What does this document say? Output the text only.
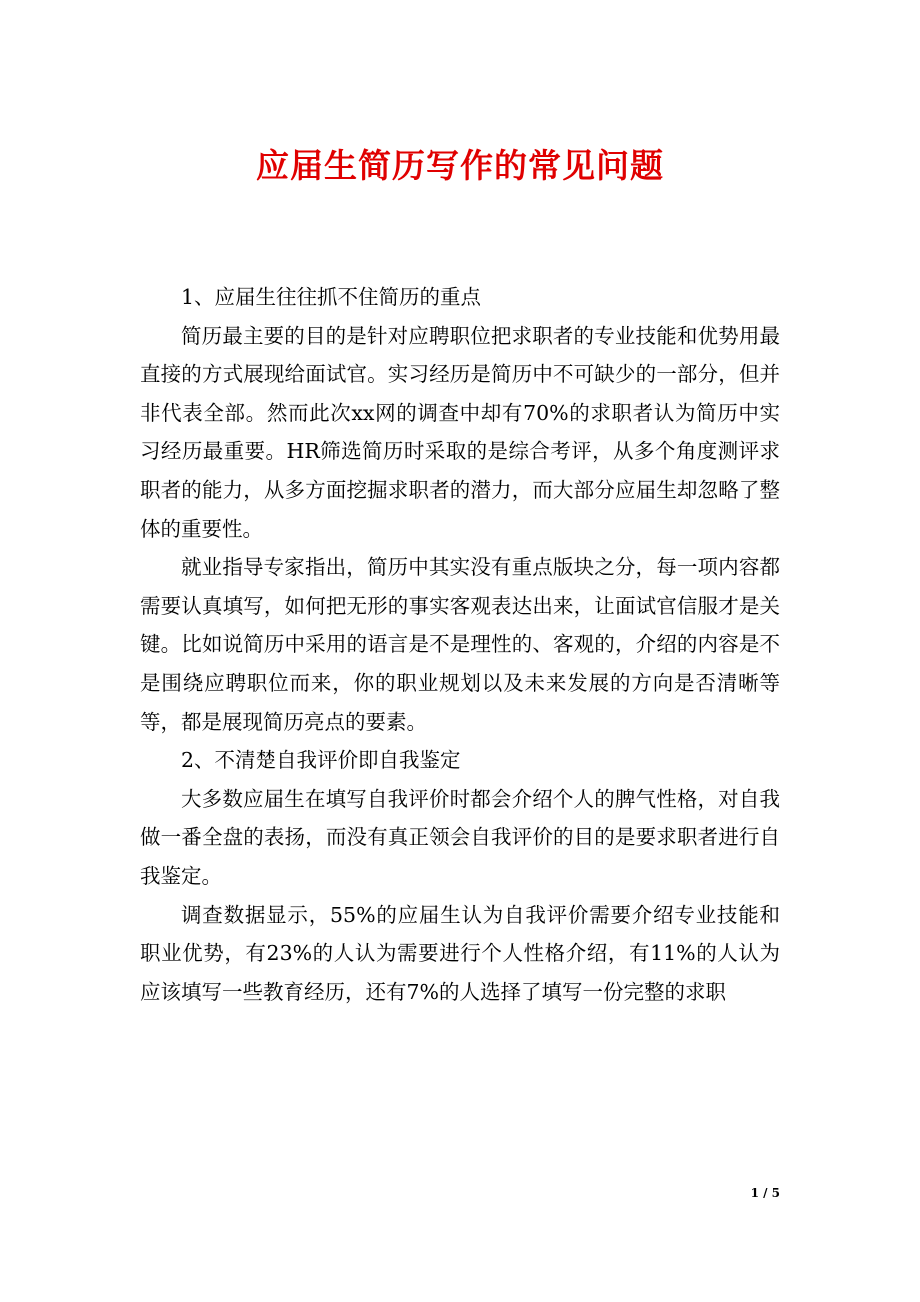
应届生简历写作的常见问题

1、应届生往往抓不住简历的重点

简历最主要的目的是针对应聘职位把求职者的专业技能和优势用最直接的方式展现给面试官。实习经历是简历中不可缺少的一部分，但并非代表全部。然而此次xx网的调查中却有70%的求职者认为简历中实习经历最重要。HR筛选简历时采取的是综合考评，从多个角度测评求职者的能力，从多方面挖掘求职者的潜力，而大部分应届生却忽略了整体的重要性。

就业指导专家指出，简历中其实没有重点版块之分，每一项内容都需要认真填写，如何把无形的事实客观表达出来，让面试官信服才是关键。比如说简历中采用的语言是不是理性的、客观的，介绍的内容是不是围绕应聘职位而来，你的职业规划以及未来发展的方向是否清晰等等，都是展现简历亮点的要素。

2、不清楚自我评价即自我鉴定

大多数应届生在填写自我评价时都会介绍个人的脾气性格，对自我做一番全盘的表扬，而没有真正领会自我评价的目的是要求职者进行自我鉴定。

调查数据显示，55%的应届生认为自我评价需要介绍专业技能和职业优势，有23%的人认为需要进行个人性格介绍，有11%的人认为应该填写一些教育经历，还有7%的人选择了填写一份完整的求职

1 / 5
